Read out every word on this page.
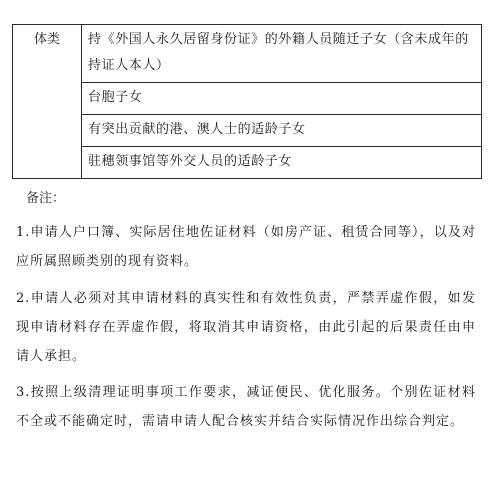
体类	持《外国人永久居留身份证》的外籍人员随迁子女（含未成年的持证人本人）
台胞子女
有突出贡献的港、澳人士的适龄子女
驻穗领事馆等外交人员的适龄子女
备注：
1.申请人户口簿、实际居住地佐证材料（如房产证、租赁合同等），以及对应所属照顾类别的现有资料。
2.申请人必须对其申请材料的真实性和有效性负责，严禁弄虚作假，如发现申请材料存在弄虚作假，将取消其申请资格，由此引起的后果责任由申请人承担。
3.按照上级清理证明事项工作要求，减证便民、优化服务。个别佐证材料不全或不能确定时，需请申请人配合核实并结合实际情况作出综合判定。
